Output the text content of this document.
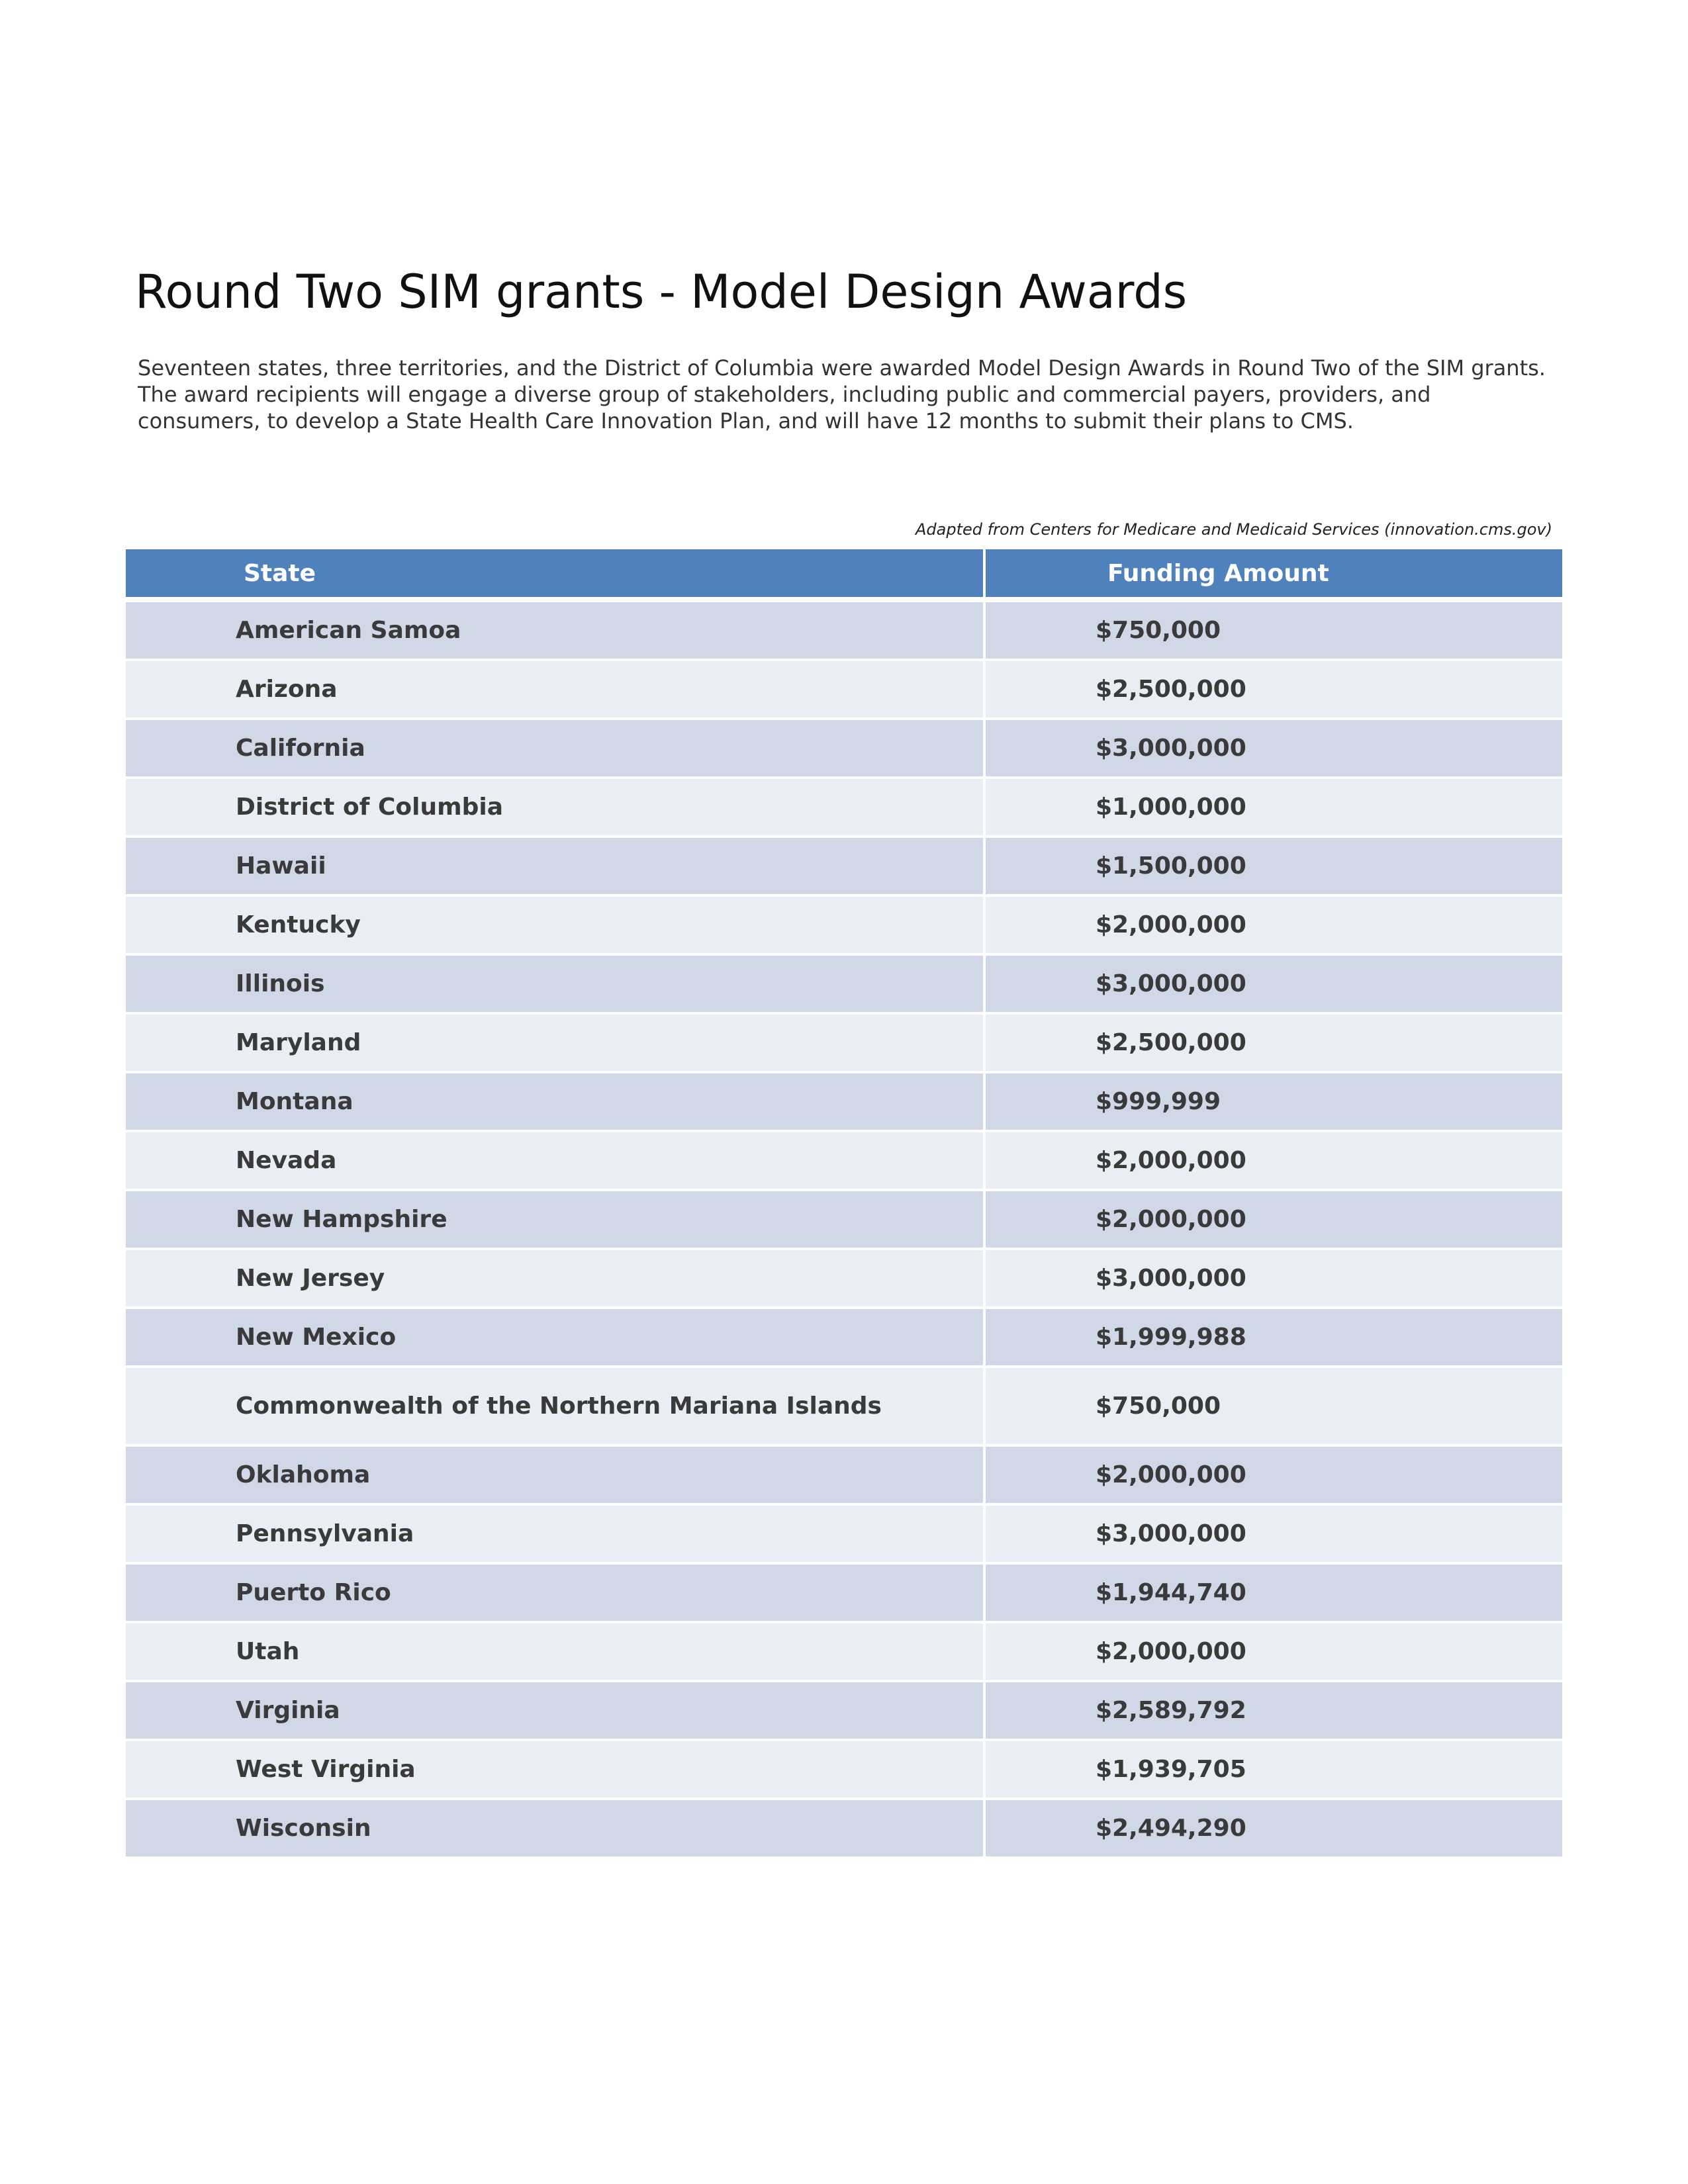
Round Two SIM grants - Model Design Awards

Seventeen states, three territories, and the District of Columbia were awarded Model Design Awards in Round Two of the SIM grants. The award recipients will engage a diverse group of stakeholders, including public and commercial payers, providers, and consumers, to develop a State Health Care Innovation Plan, and will have 12 months to submit their plans to CMS.

Adapted from Centers for Medicare and Medicaid Services (innovation.cms.gov)

State	Funding Amount
American Samoa	$750,000
Arizona	$2,500,000
California	$3,000,000
District of Columbia	$1,000,000
Hawaii	$1,500,000
Kentucky	$2,000,000
Illinois	$3,000,000
Maryland	$2,500,000
Montana	$999,999
Nevada	$2,000,000
New Hampshire	$2,000,000
New Jersey	$3,000,000
New Mexico	$1,999,988
Commonwealth of the Northern Mariana Islands	$750,000
Oklahoma	$2,000,000
Pennsylvania	$3,000,000
Puerto Rico	$1,944,740
Utah	$2,000,000
Virginia	$2,589,792
West Virginia	$1,939,705
Wisconsin	$2,494,290
